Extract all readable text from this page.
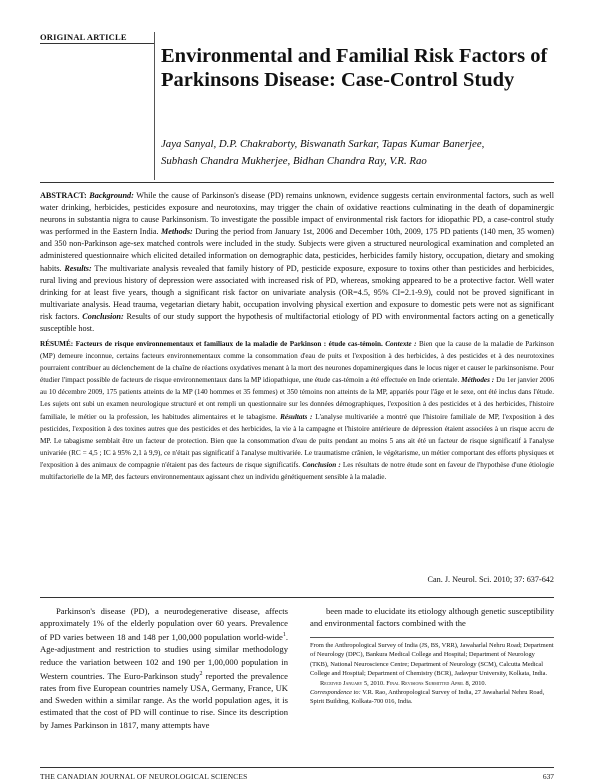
ORIGINAL ARTICLE
Environmental and Familial Risk Factors of Parkinsons Disease: Case-Control Study
Jaya Sanyal, D.P. Chakraborty, Biswanath Sarkar, Tapas Kumar Banerjee,
Subhash Chandra Mukherjee, Bidhan Chandra Ray, V.R. Rao
ABSTRACT: Background: While the cause of Parkinson's disease (PD) remains unknown, evidence suggests certain environmental factors, such as well water drinking, herbicides, pesticides exposure and neurotoxins, may trigger the chain of oxidative reactions culminating in the death of dopaminergic neurons in substantia nigra to cause Parkinsonism. To investigate the possible impact of environmental risk factors for idiopathic PD, a case-control study was performed in the Eastern India. Methods: During the period from January 1st, 2006 and December 10th, 2009, 175 PD patients (140 men, 35 women) and 350 non-Parkinson age-sex matched controls were included in the study. Subjects were given a structured neurological examination and completed an administered questionnaire which elicited detailed information on demographic data, pesticides, herbicides family history, occupation, dietary and smoking habits. Results: The multivariate analysis revealed that family history of PD, pesticide exposure, exposure to toxins other than pesticides and herbicides, rural living and previous history of depression were associated with increased risk of PD, whereas, smoking appeared to be a protective factor. Well water drinking for at least five years, though a significant risk factor on univariate analysis (OR=4.5, 95% CI=2.1-9.9), could not be proved significant in multivariate analysis. Head trauma, vegetarian dietary habit, occupation involving physical exertion and exposure to domestic pets were not as significant risk factors. Conclusion: Results of our study support the hypothesis of multifactorial etiology of PD with environmental factors acting on a genetically susceptible host.
RÉSUMÉ: Facteurs de risque environnementaux et familiaux de la maladie de Parkinson : étude cas-témoin. Contexte : Bien que la cause de la maladie de Parkinson (MP) demeure inconnue, certains facteurs environnementaux comme la consommation d'eau de puits et l'exposition à des herbicides, à des pesticides et à des neurotoxines pourraient contribuer au déclenchement de la chaîne de réactions oxydatives menant à la mort des neurones dopaminergiques dans le locus niger et causer le parkinsonisme. Pour étudier l'impact possible de facteurs de risque environnementaux dans la MP idiopathique, une étude cas-témoin a été effectuée en Inde orientale. Méthodes : Du 1er janvier 2006 au 10 décembre 2009, 175 patients atteints de la MP (140 hommes et 35 femmes) et 350 témoins non atteints de la MP, appariés pour l'âge et le sexe, ont été inclus dans l'étude. Les sujets ont subi un examen neurologique structuré et ont rempli un questionnaire sur les données démographiques, l'exposition à des pesticides et à des herbicides, l'histoire familiale, le métier ou la profession, les habitudes alimentaires et le tabagisme. Résultats : L'analyse multivariée a montré que l'histoire familiale de MP, l'exposition à des pesticides, l'exposition à des toxines autres que des pesticides et des herbicides, la vie à la campagne et l'histoire antérieure de dépression étaient associées à un risque accru de MP. Le tabagisme semblait être un facteur de protection. Bien que la consommation d'eau de puits pendant au moins 5 ans ait été un facteur de risque significatif à l'analyse univariée (RC = 4,5 ; IC à 95% 2,1 à 9,9), ce n'était pas significatif à l'analyse multivariée. Le traumatisme crânien, le végétarisme, un métier comportant des efforts physiques et l'exposition à des animaux de compagnie n'étaient pas des facteurs de risque significatifs. Conclusion : Les résultats de notre étude sont en faveur de l'hypothèse d'une étiologie multifactorielle de la MP, des facteurs environnementaux agissant chez un individu génétiquement sensible à la maladie.
Can. J. Neurol. Sci. 2010; 37: 637-642

Parkinson's disease (PD), a neurodegenerative disease, affects approximately 1% of the elderly population over 60 years. Prevalence of PD varies between 18 and 148 per 1,00,000 population world-wide$^1$. Age-adjustment and restriction to studies using similar methodology reduce the variation between 102 and 190 per 1,00,000 population in Western countries. The Euro-Parkinson study$^2$ reported the prevalence rates from five European countries namely USA, Germany, France, UK and Sweden within a similar range. As the world population ages, it is estimated that the cost of PD will continue to rise. Since its description by James Parkinson in 1817, many attempts have

been made to elucidate its etiology although genetic susceptibility and environmental factors combined with the

From the Anthropological Survey of India (JS, BS, VRR), Jawaharlal Nehru Road; Department of Neurology (DPC), Bankura Medical College and Hospital; Department of Neurology (TKB), National Neuroscience Centre; Department of Neurology (SCM), Calcutta Medical College and Hospital; Department of Chemistry (BCR), Jadavpur University, Kolkata, India.
Received January 5, 2010. Final Revisions Submitted April 8, 2010.
Correspondence to: V.R. Rao, Anthropological Survey of India, 27 Jawaharlal Nehru Road, Spirit Building, Kolkata-700 016, India.
THE CANADIAN JOURNAL OF NEUROLOGICAL SCIENCES	637
